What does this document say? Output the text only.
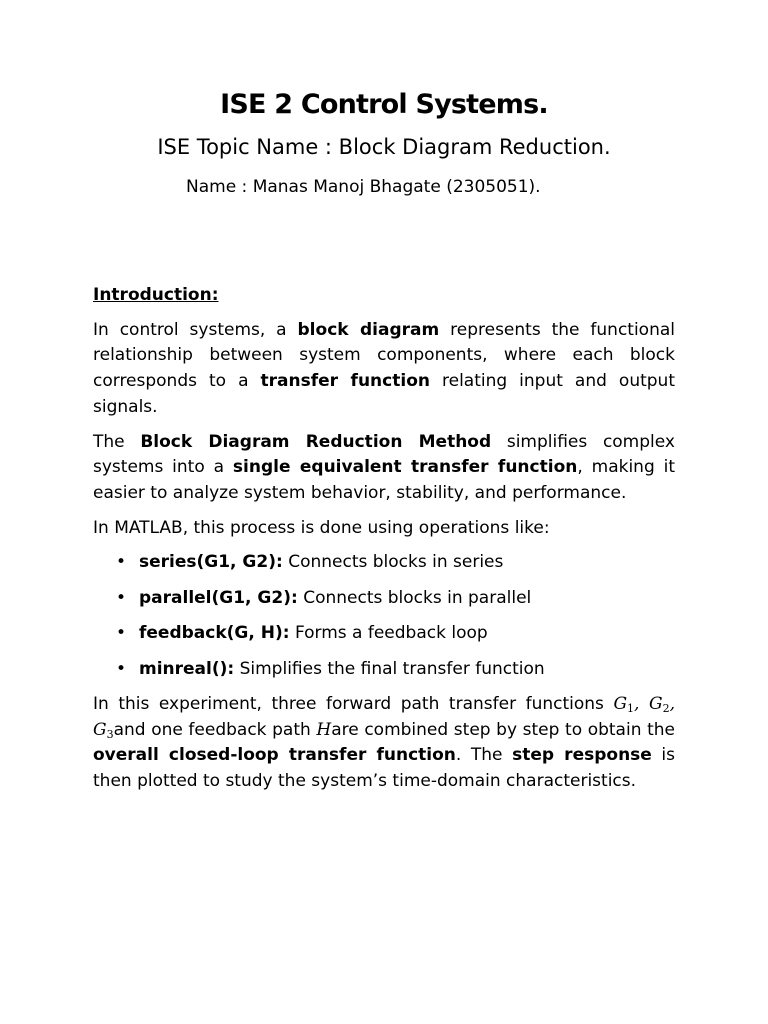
ISE 2 Control Systems.

ISE Topic Name : Block Diagram Reduction.

Name : Manas Manoj Bhagate (2305051).

Introduction:

In control systems, a block diagram represents the functional relationship between system components, where each block corresponds to a transfer function relating input and output signals.

The Block Diagram Reduction Method simplifies complex systems into a single equivalent transfer function, making it easier to analyze system behavior, stability, and performance.

In MATLAB, this process is done using operations like:

• series(G1, G2): Connects blocks in series
• parallel(G1, G2): Connects blocks in parallel
• feedback(G, H): Forms a feedback loop
• minreal(): Simplifies the final transfer function

In this experiment, three forward path transfer functions $G_1$, $G_2$, $G_3and$ one feedback path Hare combined step by step to obtain the overall closed-loop transfer function. The step response is then plotted to study the system’s time-domain characteristics.
